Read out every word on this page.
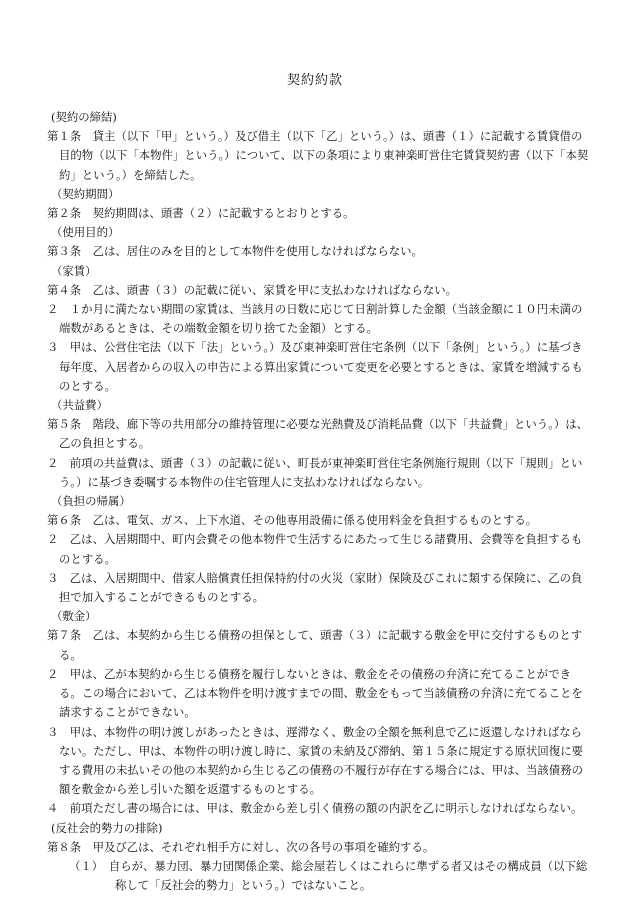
契約約款
(契約の締結)
第１条　貸主（以下「甲」という。）及び借主（以下「乙」という。）は、頭書（１）に記載する賃貸借の目的物（以下「本物件」という。）について、以下の条項により東神楽町営住宅賃貸契約書（以下「本契約」という。）を締結した。
（契約期間）
第２条　契約期間は、頭書（２）に記載するとおりとする。
（使用目的）
第３条　乙は、居住のみを目的として本物件を使用しなければならない。
（家賃）
第４条　乙は、頭書（３）の記載に従い、家賃を甲に支払わなければならない。
２　１か月に満たない期間の家賃は、当該月の日数に応じて日割計算した金額（当該金額に１０円未満の端数があるときは、その端数金額を切り捨てた金額）とする。
３　甲は、公営住宅法（以下「法」という。）及び東神楽町営住宅条例（以下「条例」という。）に基づき毎年度、入居者からの収入の申告による算出家賃について変更を必要とするときは、家賃を増減するものとする。
（共益費）
第５条　階段、廊下等の共用部分の維持管理に必要な光熱費及び消耗品費（以下「共益費」という。）は、乙の負担とする。
２　前項の共益費は、頭書（３）の記載に従い、町長が東神楽町営住宅条例施行規則（以下「規則」という。）に基づき委嘱する本物件の住宅管理人に支払わなければならない。
（負担の帰属）
第６条　乙は、電気、ガス、上下水道、その他専用設備に係る使用料金を負担するものとする。
２　乙は、入居期間中、町内会費その他本物件で生活するにあたって生じる諸費用、会費等を負担するものとする。
３　乙は、入居期間中、借家人賠償責任担保特約付の火災（家財）保険及びこれに類する保険に、乙の負担で加入することができるものとする。
（敷金）
第７条　乙は、本契約から生じる債務の担保として、頭書（３）に記載する敷金を甲に交付するものとする。
２　甲は、乙が本契約から生じる債務を履行しないときは、敷金をその債務の弁済に充てることができる。この場合において、乙は本物件を明け渡すまでの間、敷金をもって当該債務の弁済に充てることを請求することができない。
３　甲は、本物件の明け渡しがあったときは、遅滞なく、敷金の全額を無利息で乙に返還しなければならない。ただし、甲は、本物件の明け渡し時に、家賃の未納及び滞納、第１５条に規定する原状回復に要する費用の未払いその他の本契約から生じる乙の債務の不履行が存在する場合には、甲は、当該債務の額を敷金から差し引いた額を返還するものとする。
４　前項ただし書の場合には、甲は、敷金から差し引く債務の額の内訳を乙に明示しなければならない。
(反社会的勢力の排除)
第８条　甲及び乙は、それぞれ相手方に対し、次の各号の事項を確約する。
（１）　自らが、暴力団、暴力団関係企業、総会屋若しくはこれらに準ずる者又はその構成員（以下総称して「反社会的勢力」という。）ではないこと。
